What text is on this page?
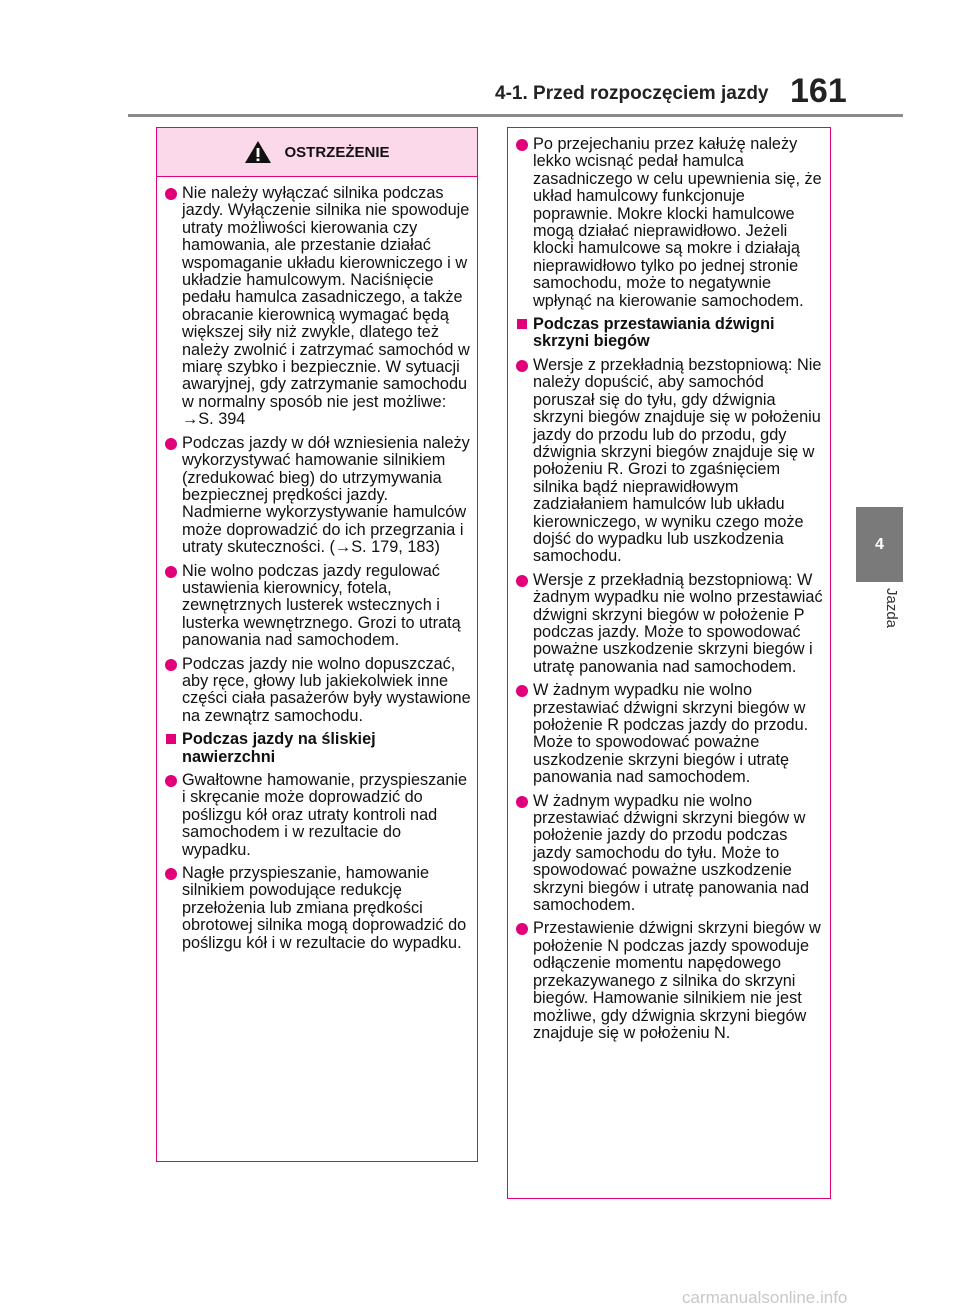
4-1. Przed rozpoczęciem jazdy 161
4
Jazda
OSTRZEŻENIE
Nie należy wyłączać silnika podczas jazdy. Wyłączenie silnika nie spowoduje utraty możliwości kierowania czy hamowania, ale przestanie działać wspomaganie układu kierowniczego i w układzie hamulcowym. Naciśnięcie pedału hamulca zasadniczego, a także obracanie kierownicą wymagać będą większej siły niż zwykle, dlatego też należy zwolnić i zatrzymać samochód w miarę szybko i bezpiecznie. W sytuacji awaryjnej, gdy zatrzymanie samochodu w normalny sposób nie jest możliwe: →S. 394
Podczas jazdy w dół wzniesienia należy wykorzystywać hamowanie silnikiem (zredukować bieg) do utrzymywania bezpiecznej prędkości jazdy. Nadmierne wykorzystywanie hamulców może doprowadzić do ich przegrzania i utraty skuteczności. (→S. 179, 183)
Nie wolno podczas jazdy regulować ustawienia kierownicy, fotela, zewnętrznych lusterek wstecznych i lusterka wewnętrznego. Grozi to utratą panowania nad samochodem.
Podczas jazdy nie wolno dopuszczać, aby ręce, głowy lub jakiekolwiek inne części ciała pasażerów były wystawione na zewnątrz samochodu.
Podczas jazdy na śliskiej nawierzchni
Gwałtowne hamowanie, przyspieszanie i skręcanie może doprowadzić do poślizgu kół oraz utraty kontroli nad samochodem i w rezultacie do wypadku.
Nagłe przyspieszanie, hamowanie silnikiem powodujące redukcję przełożenia lub zmiana prędkości obrotowej silnika mogą doprowadzić do poślizgu kół i w rezultacie do wypadku.
Po przejechaniu przez kałużę należy lekko wcisnąć pedał hamulca zasadniczego w celu upewnienia się, że układ hamulcowy funkcjonuje poprawnie. Mokre klocki hamulcowe mogą działać nieprawidłowo. Jeżeli klocki hamulcowe są mokre i działają nieprawidłowo tylko po jednej stronie samochodu, może to negatywnie wpłynąć na kierowanie samochodem.
Podczas przestawiania dźwigni skrzyni biegów
Wersje z przekładnią bezstopniową: Nie należy dopuścić, aby samochód poruszał się do tyłu, gdy dźwignia skrzyni biegów znajduje się w położeniu jazdy do przodu lub do przodu, gdy dźwignia skrzyni biegów znajduje się w położeniu R. Grozi to zgaśnięciem silnika bądź nieprawidłowym zadziałaniem hamulców lub układu kierowniczego, w wyniku czego może dojść do wypadku lub uszkodzenia samochodu.
Wersje z przekładnią bezstopniową: W żadnym wypadku nie wolno przestawiać dźwigni skrzyni biegów w położenie P podczas jazdy. Może to spowodować poważne uszkodzenie skrzyni biegów i utratę panowania nad samochodem.
W żadnym wypadku nie wolno przestawiać dźwigni skrzyni biegów w położenie R podczas jazdy do przodu. Może to spowodować poważne uszkodzenie skrzyni biegów i utratę panowania nad samochodem.
W żadnym wypadku nie wolno przestawiać dźwigni skrzyni biegów w położenie jazdy do przodu podczas jazdy samochodu do tyłu. Może to spowodować poważne uszkodzenie skrzyni biegów i utratę panowania nad samochodem.
Przestawienie dźwigni skrzyni biegów w położenie N podczas jazdy spowoduje odłączenie momentu napędowego przekazywanego z silnika do skrzyni biegów. Hamowanie silnikiem nie jest możliwe, gdy dźwignia skrzyni biegów znajduje się w położeniu N.
carmanualsonline.info
